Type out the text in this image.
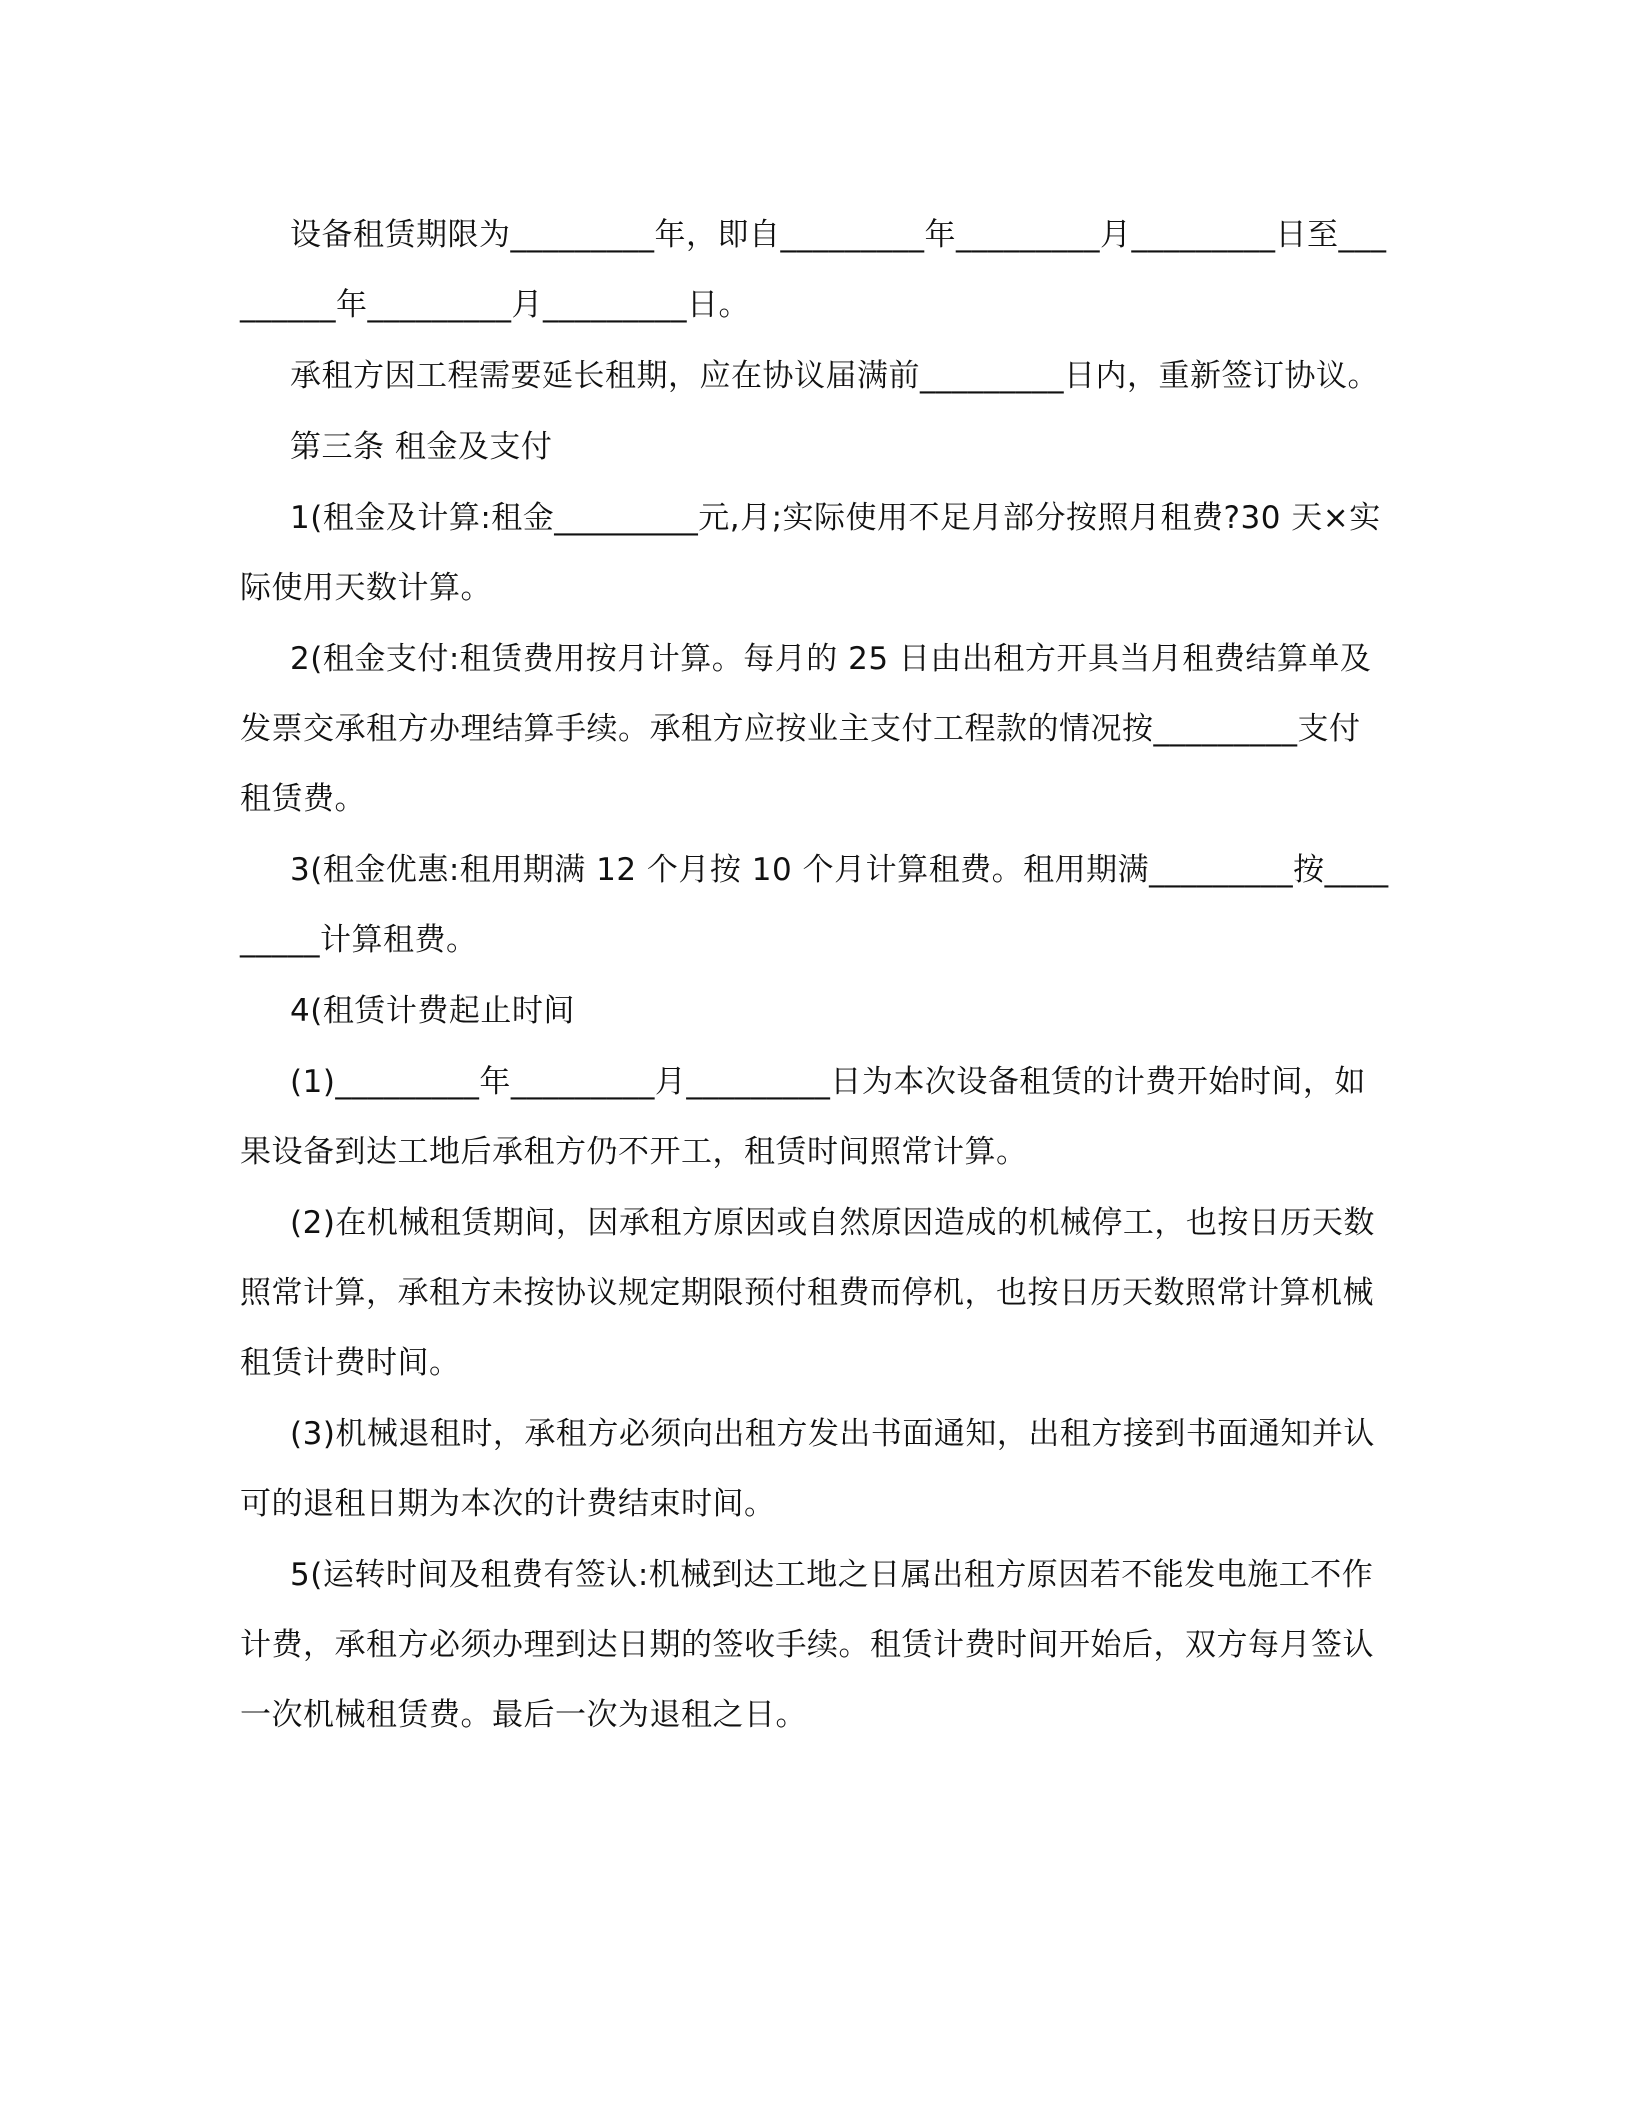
设备租赁期限为_________年，即自_________年_________月_________日至_________年_________月_________日。

承租方因工程需要延长租期，应在协议届满前_________日内，重新签订协议。

第三条 租金及支付

1(租金及计算:租金_________元,月;实际使用不足月部分按照月租费?30 天×实际使用天数计算。

2(租金支付:租赁费用按月计算。每月的 25 日由出租方开具当月租费结算单及发票交承租方办理结算手续。承租方应按业主支付工程款的情况按_________支付租赁费。

3(租金优惠:租用期满 12 个月按 10 个月计算租费。租用期满_________按_________计算租费。

4(租赁计费起止时间

(1)_________年_________月_________日为本次设备租赁的计费开始时间，如果设备到达工地后承租方仍不开工，租赁时间照常计算。

(2)在机械租赁期间，因承租方原因或自然原因造成的机械停工，也按日历天数照常计算，承租方未按协议规定期限预付租费而停机，也按日历天数照常计算机械租赁计费时间。

(3)机械退租时，承租方必须向出租方发出书面通知，出租方接到书面通知并认可的退租日期为本次的计费结束时间。

5(运转时间及租费有签认:机械到达工地之日属出租方原因若不能发电施工不作计费，承租方必须办理到达日期的签收手续。租赁计费时间开始后，双方每月签认一次机械租赁费。最后一次为退租之日。
